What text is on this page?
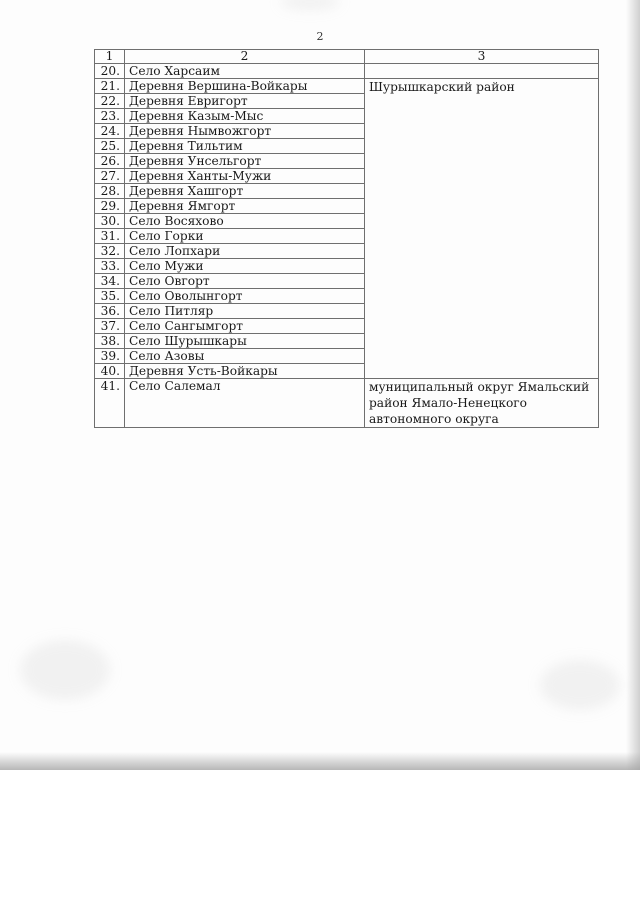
2
1	2	3
20.	Село Харсаим	
21.	Деревня Вершина-Войкары	Шурышкарский район
22.	Деревня Евригорт	
23.	Деревня Казым-Мыс	
24.	Деревня Нымвожгорт	
25.	Деревня Тильтим	
26.	Деревня Унсельгорт	
27.	Деревня Ханты-Мужи	
28.	Деревня Хашгорт	
29.	Деревня Ямгорт	
30.	Село Восяхово	
31.	Село Горки	
32.	Село Лопхари	
33.	Село Мужи	
34.	Село Овгорт	
35.	Село Оволынгорт	
36.	Село Питляр	
37.	Село Сангымгорт	
38.	Село Шурышкары	
39.	Село Азовы	
40.	Деревня Усть-Войкары	
41.	Село Салемал	муниципальный округ Ямальский район Ямало-Ненецкого автономного округа
